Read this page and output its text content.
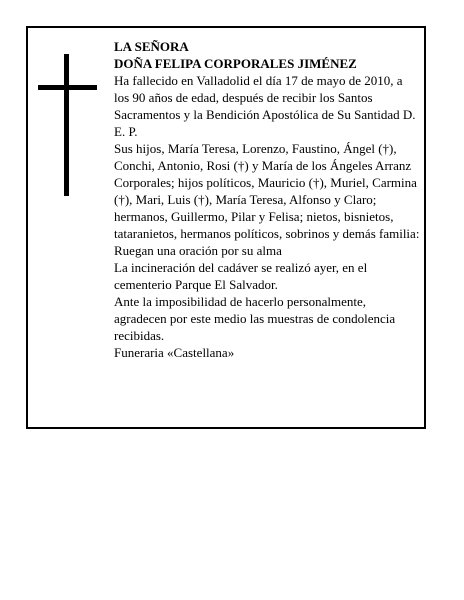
LA SEÑORA

DOÑA FELIPA CORPORALES JIMÉNEZ

Ha fallecido en Valladolid el día 17 de mayo de 2010, a los 90 años de edad, después de recibir los Santos Sacramentos y la Bendición Apostólica de Su Santidad D. E. P.

Sus hijos, María Teresa, Lorenzo, Faustino, Ángel (†), Conchi, Antonio, Rosi (†) y María de los Ángeles Arranz Corporales; hijos políticos, Mauricio (†), Muriel, Carmina (†), Mari, Luis (†), María Teresa, Alfonso y Claro; hermanos, Guillermo, Pilar y Felisa; nietos, bisnietos, tataranietos, hermanos políticos, sobrinos y demás familia:

Ruegan una oración por su alma

La incineración del cadáver se realizó ayer, en el cementerio Parque El Salvador.

Ante la imposibilidad de hacerlo personalmente, agradecen por este medio las muestras de condolencia recibidas.

Funeraria «Castellana»
